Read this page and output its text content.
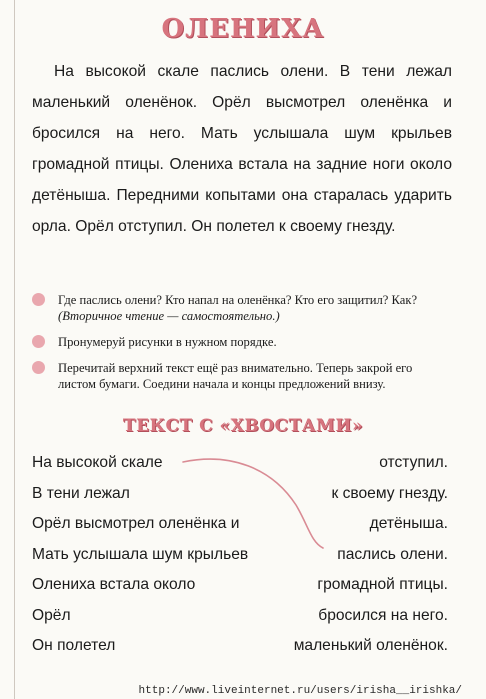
ОЛЕНИХА

На высокой скале паслись олени. В тени лежал маленький оленёнок. Орёл высмотрел оленёнка и бросился на него. Мать услышала шум крыльев громадной птицы. Олениха встала на задние ноги около детёныша. Передними копытами она старалась ударить орла. Орёл отступил. Он полетел к своему гнезду.

Где паслись олени? Кто напал на оленёнка? Кто его защитил? Как? (Вторичное чтение — самостоятельно.)
Пронумеруй рисунки в нужном порядке.
Перечитай верхний текст ещё раз внимательно. Теперь закрой его листом бумаги. Соедини начала и концы предложений внизу.
ТЕКСТ С «ХВОСТАМИ»
На высокой скале	отступил.
В тени лежал	к своему гнезду.
Орёл высмотрел оленёнка и	детёныша.
Мать услышала шум крыльев	паслись олени.
Олениха встала около	громадной птицы.
Орёл	бросился на него.
Он полетел	маленький оленёнок.

http://www.liveinternet.ru/users/irisha__irishka/
